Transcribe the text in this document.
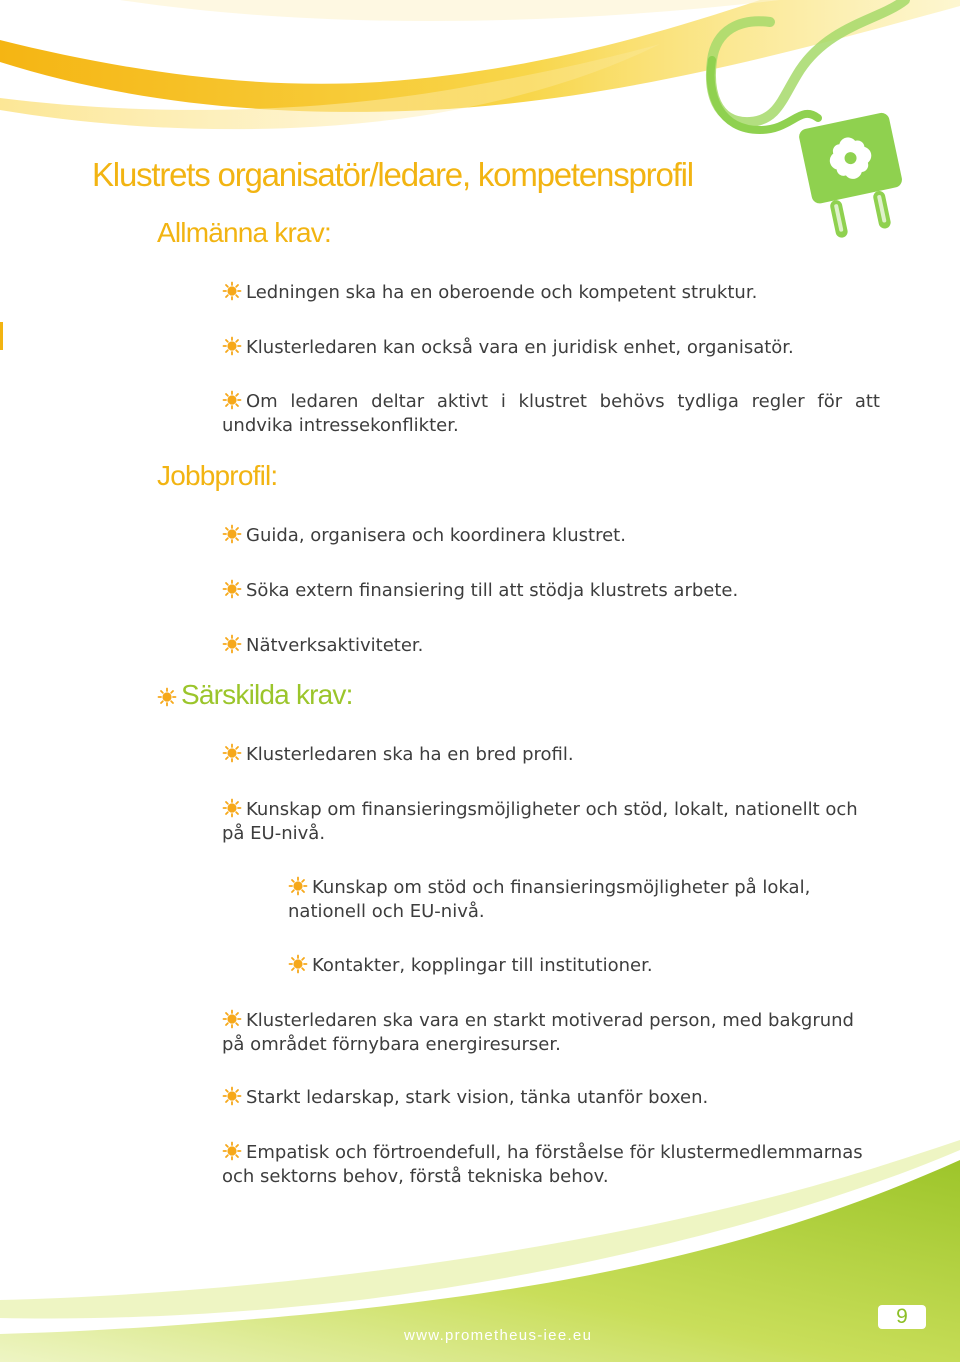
Klustrets organisatör/ledare, kompetensprofil
Allmänna krav:

Ledningen ska ha en oberoende och kompetent struktur.

Klusterledaren kan också vara en juridisk enhet, organisatör.

Om ledaren deltar aktivt i klustret behövs tydliga regler för att undvika intressekonflikter.

Jobbprofil:

Guida, organisera och koordinera klustret.

Söka extern finansiering till att stödja klustrets arbete.

Nätverksaktiviteter.

Särskilda krav:

Klusterledaren ska ha en bred profil.

Kunskap om finansieringsmöjligheter och stöd, lokalt, nationellt och på EU-nivå.

Kunskap om stöd och finansieringsmöjligheter på lokal, nationell och EU-nivå.

Kontakter, kopplingar till institutioner.

Klusterledaren ska vara en starkt motiverad person, med bakgrund på området förnybara energiresurser.

Starkt ledarskap, stark vision, tänka utanför boxen.

Empatisk och förtroendefull, ha förståelse för klustermedlemmarnas och sektorns behov, förstå tekniska behov.

www.prometheus-iee.eu

9
